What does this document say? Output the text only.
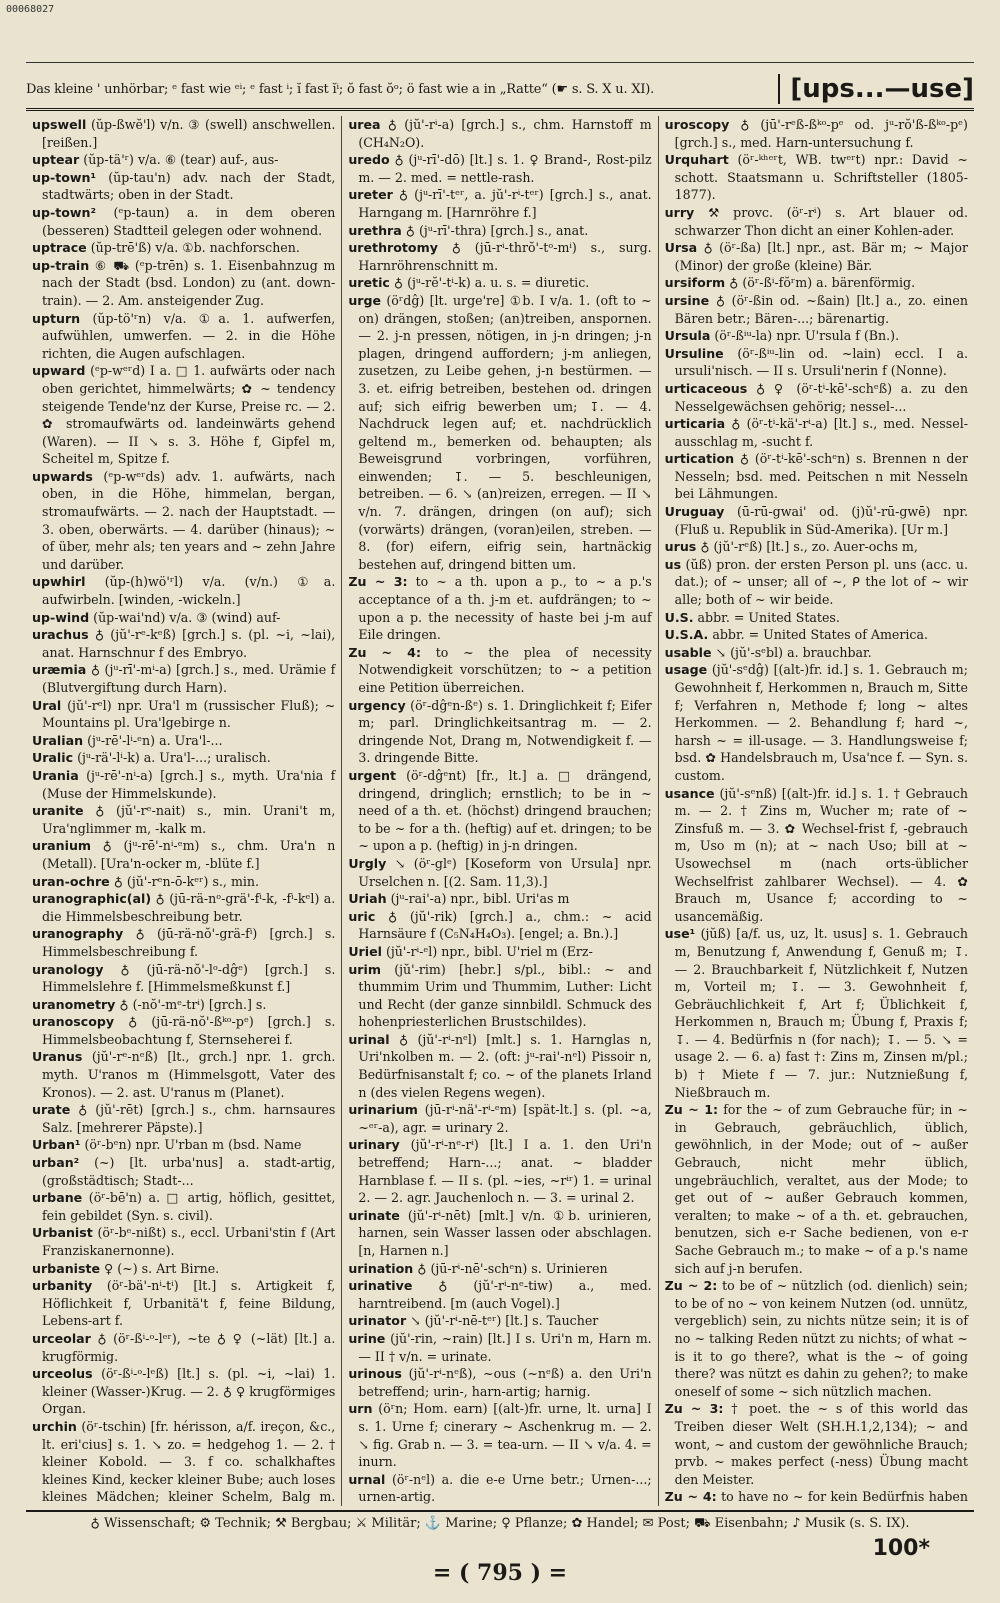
00068027
Das kleine ' unhörbar; ᵉ fast wie ᵉⁱ; ᵉ fast ⁱ; ĭ fast ĭⁱ; ŏ fast ŏᵒ; ö fast wie a in „Ratte“ (☛ s. S. X u. XI).	[ups...—use]

upswell (ŭp-ßwĕ'l) v/n. ③ (swell) anschwellen. [reißen.]

uptear (ŭp-tä'ʳ) v/a. ⑥ (tear) auf-, aus-

up-town¹ (ŭp-tau'n) adv. nach der Stadt, stadtwärts; oben in der Stadt.

up-town² (ᵉp-taun) a. in dem oberen (besseren) Stadtteil gelegen oder wohnend.

uptrace (ŭp-trē'ß) v/a. ①b. nachforschen.

up-train ⑥ ⛟ (ᵉp-trēn) s. 1. Eisenbahnzug m nach der Stadt (bsd. London) zu (ant. down-train). — 2. Am. ansteigender Zug.

upturn (ŭp-tö'ʳn) v/a. ①a. 1. aufwerfen, aufwühlen, umwerfen. — 2. in die Höhe richten, die Augen aufschlagen.

upward (ᵉp-wᵉʳd) I a. □ 1. aufwärts oder nach oben gerichtet, himmelwärts; ✿ ~ tendency steigende Tende'nz der Kurse, Preise rc. — 2. ✿ stromaufwärts od. landeinwärts gehend (Waren). — II ↘ s. 3. Höhe f, Gipfel m, Scheitel m, Spitze f.

upwards (ᵉp-wᵉʳds) adv. 1. aufwärts, nach oben, in die Höhe, himmelan, bergan, stromaufwärts. — 2. nach der Hauptstadt. — 3. oben, oberwärts. — 4. darüber (hinaus); ~ of über, mehr als; ten years and ~ zehn Jahre und darüber.

upwhirl (ŭp-(h)wö'ʳl) v/a. (v/n.) ①a. aufwirbeln. [winden, -wickeln.]

up-wind (ŭp-wai'nd) v/a. ③ (wind) auf-

urachus ♁ (jŭ'-rᵉ-kᵉß) [grch.] s. (pl. ~i, ~lai), anat. Harnschnur f des Embryo.

uræmia ♁ (jᵘ-rī'-mⁱ-a) [grch.] s., med. Urämie f (Blutvergiftung durch Harn).

Ural (jŭ'-rᵉl) npr. Ura'l m (russischer Fluß); ~ Mountains pl. Ura'lgebirge n.

Uralian (jᵘ-rē'-lⁱ-ᵉn) a. Ura'l-...

Uralic (jᵘ-rä'-lⁱ-k) a. Ura'l-...; uralisch.

Urania (jᵘ-rē'-nⁱ-a) [grch.] s., myth. Ura'nia f (Muse der Himmelskunde).

uranite ♁ (jŭ'-rᵉ-nait) s., min. Urani't m, Ura'nglimmer m, -kalk m.

uranium ♁ (jᵘ-rē'-nⁱ-ᵉm) s., chm. Ura'n n (Metall). [Ura'n-ocker m, -blüte f.]

uran-ochre ♁ (jŭ'-rᵉn-ō-kᵉʳ) s., min.

uranographic(al) ♁ (jū-rä-nᵒ-grä'-fⁱ-k, -fⁱ-kᵉl) a. die Himmelsbeschreibung betr.

uranography ♁ (jū-rä-nŏ'-grä-fⁱ) [grch.] s. Himmelsbeschreibung f.

uranology ♁ (jū-rä-nŏ'-lᵒ-dĝᵉ) [grch.] s. Himmelslehre f. [Himmelsmeßkunst f.]

uranometry ♁ (-nŏ'-mᵉ-trⁱ) [grch.] s.

uranoscopy ♁ (jū-rä-nŏ'-ßᵏᵒ-pᵉ) [grch.] s. Himmelsbeobachtung f, Sternseherei f.

Uranus (jŭ'-rᵉ-nᵉß) [lt., grch.] npr. 1. grch. myth. U'ranos m (Himmelsgott, Vater des Kronos). — 2. ast. U'ranus m (Planet).

urate ♁ (jŭ'-rēt) [grch.] s., chm. harnsaures Salz. [mehrerer Päpste).]

Urban¹ (öʳ-bᵉn) npr. U'rban m (bsd. Name

urban² (~) [lt. urba'nus] a. stadt-artig, (großstädtisch; Stadt-...

urbane (öʳ-bē'n) a. □ artig, höflich, gesittet, fein gebildet (Syn. s. civil).

Urbanist (öʳ-bᵉ-nißt) s., eccl. Urbani'stin f (Art Franziskanernonne).

urbaniste ♀ (~) s. Art Birne.

urbanity (öʳ-bä'-nⁱ-tⁱ) [lt.] s. Artigkeit f, Höflichkeit f, Urbanitä't f, feine Bildung, Lebens-art f.

urceolar ♁ (öʳ-ßⁱ-ᵒ-lᵉʳ), ~te ♁ ♀ (~lät) [lt.] a. krugförmig.

urceolus (öʳ-ßⁱ-ᵒ-lᵉß) [lt.] s. (pl. ~i, ~lai) 1. kleiner (Wasser-)Krug. — 2. ♁ ♀ krugförmiges Organ.

urchin (öʳ-tschin) [fr. hérisson, a/f. ireçon, &c., lt. eri'cius] s. 1. ↘ zo. = hedgehog 1. — 2. † kleiner Kobold. — 3. f co. schalkhaftes kleines Kind, kecker kleiner Bube; auch loses kleines Mädchen; kleiner Schelm, Balg m.

urea ♁ (jŭ'-rⁱ-a) [grch.] s., chm. Harnstoff m (CH₄N₂O).

uredo ♁ (jᵘ-rī'-dō) [lt.] s. 1. ♀ Brand-, Rost-pilz m. — 2. med. = nettle-rash.

ureter ♁ (jᵘ-rī'-tᵉʳ, a. jŭ'-rⁱ-tᵉʳ) [grch.] s., anat. Harngang m. [Harnröhre f.]

urethra ♁ (jᵘ-rī'-thra) [grch.] s., anat.

urethrotomy ♁ (jū-rⁱ-thrŏ'-tᵒ-mⁱ) s., surg. Harnröhrenschnitt m.

uretic ♁ (jᵘ-rĕ'-tⁱ-k) a. u. s. = diuretic.

urge (öʳdĝ) [lt. urge're] ①b. I v/a. 1. (oft to ~ on) drängen, stoßen; (an)treiben, anspornen. — 2. j-n pressen, nötigen, in j-n dringen; j-n plagen, dringend auffordern; j-m anliegen, zusetzen, zu Leibe gehen, j-n bestürmen. — 3. et. eifrig betreiben, bestehen od. dringen auf; sich eifrig bewerben um; ↧. — 4. Nachdruck legen auf; et. nachdrücklich geltend m., bemerken od. behaupten; als Beweisgrund vorbringen, vorführen, einwenden; ↧. — 5. beschleunigen, betreiben. — 6. ↘ (an)reizen, erregen. — II ↘ v/n. 7. drängen, dringen (on auf); sich (vorwärts) drängen, (voran)eilen, streben. — 8. (for) eifern, eifrig sein, hartnäckig bestehen auf, dringend bitten um.

Zu ~ 3: to ~ a th. upon a p., to ~ a p.'s acceptance of a th. j-m et. aufdrängen; to ~ upon a p. the necessity of haste bei j-m auf Eile dringen.

Zu ~ 4: to ~ the plea of necessity Notwendigkeit vorschützen; to ~ a petition eine Petition überreichen.

urgency (öʳ-dĝᵉn-ßᵉ) s. 1. Dringlichkeit f; Eifer m; parl. Dringlichkeitsantrag m. — 2. dringende Not, Drang m, Notwendigkeit f. — 3. dringende Bitte.

urgent (öʳ-dĝᵉnt) [fr., lt.] a. □ drängend, dringend, dringlich; ernstlich; to be in ~ need of a th. et. (höchst) dringend brauchen; to be ~ for a th. (heftig) auf et. dringen; to be ~ upon a p. (heftig) in j-n dringen.

Urgly ↘ (öʳ-glᵉ) [Koseform von Ursula] npr. Urselchen n. [(2. Sam. 11,3).]

Uriah (jᵘ-rai'-a) npr., bibl. Uri'as m

uric ♁ (jŭ'-rik) [grch.] a., chm.: ~ acid Harnsäure f (C₅N₄H₄O₃). [engel; a. Bn.).]

Uriel (jŭ'-rⁱ-ᵉl) npr., bibl. U'riel m (Erz-

urim (jŭ'-rim) [hebr.] s/pl., bibl.: ~ and thummim Urim und Thummim, Luther: Licht und Recht (der ganze sinnbildl. Schmuck des hohenpriesterlichen Brustschildes).

urinal ♁ (jŭ'-rⁱ-nᵉl) [mlt.] s. 1. Harnglas n, Uri'nkolben m. — 2. (oft: jᵘ-rai'-nᵉl) Pissoir n, Bedürfnisanstalt f; co. ~ of the planets Irland n (des vielen Regens wegen).

urinarium (jū-rⁱ-nä'-rⁱ-ᵉm) [spät-lt.] s. (pl. ~a, ~ᵉʳ-a), agr. = urinary 2.

urinary (jŭ'-rⁱ-nᵉ-rⁱ) [lt.] I a. 1. den Uri'n betreffend; Harn-...; anat. ~ bladder Harnblase f. — II s. (pl. ~ies, ~rⁱʳ) 1. = urinal 2. — 2. agr. Jauchenloch n. — 3. = urinal 2.

urinate (jŭ'-rⁱ-nēt) [mlt.] v/n. ①b. urinieren, harnen, sein Wasser lassen oder abschlagen. [n, Harnen n.]

urination ♁ (jū-rⁱ-nē'-schᵉn) s. Urinieren

urinative ♁ (jŭ'-rⁱ-nᵉ-tiw) a., med. harntreibend. [m (auch Vogel).]

urinator ↘ (jŭ'-rⁱ-nē-tᵉʳ) [lt.] s. Taucher

urine (jŭ'-rin, ~rain) [lt.] I s. Uri'n m, Harn m. — II † v/n. = urinate.

urinous (jŭ'-rⁱ-nᵉß), ~ous (~nᵉß) a. den Uri'n betreffend; urin-, harn-artig; harnig.

urn (öʳn; Hom. earn) [(alt-)fr. urne, lt. urna] I s. 1. Urne f; cinerary ~ Aschenkrug m. — 2. ↘ fig. Grab n. — 3. = tea-urn. — II ↘ v/a. 4. = inurn.

urnal (öʳ-nᵉl) a. die e-e Urne betr.; Urnen-...; urnen-artig.

uroscopy ♁ (jū'-rᵉß-ßᵏᵒ-pᵉ od. jᵘ-rŏ'ß-ßᵏᵒ-pᵉ) [grch.] s., med. Harn-untersuchung f.

Urquhart (öʳ-ᵏʰᵉʳt, WB. twᵉʳt) npr.: David ~ schott. Staatsmann u. Schriftsteller (1805-1877).

urry ⚒ provc. (öʳ-rⁱ) s. Art blauer od. schwarzer Thon dicht an einer Kohlen-ader.

Ursa ♁ (öʳ-ßa) [lt.] npr., ast. Bär m; ~ Major (Minor) der große (kleine) Bär.

ursiform ♁ (öʳ-ßⁱ-fŏʳm) a. bärenförmig.

ursine ♁ (öʳ-ßin od. ~ßain) [lt.] a., zo. einen Bären betr.; Bären-...; bärenartig.

Ursula (öʳ-ßⁱᵘ-la) npr. U'rsula f (Bn.).

Ursuline (öʳ-ßⁱᵘ-lin od. ~lain) eccl. I a. ursuli'nisch. — II s. Ursuli'nerin f (Nonne).

urticaceous ♁ ♀ (öʳ-tⁱ-kē'-schᵉß) a. zu den Nesselgewächsen gehörig; nessel-...

urticaria ♁ (öʳ-tⁱ-kä'-rⁱ-a) [lt.] s., med. Nessel-ausschlag m, -sucht f.

urtication ♁ (öʳ-tⁱ-kē'-schᵉn) s. Brennen n der Nesseln; bsd. med. Peitschen n mit Nesseln bei Lähmungen.

Uruguay (ū-rū-gwai' od. (j)ŭ'-rū-gwē) npr. (Fluß u. Republik in Süd-Amerika). [Ur m.]

urus ♁ (jŭ'-rᵉß) [lt.] s., zo. Auer-ochs m,

us (ŭß) pron. der ersten Person pl. uns (acc. u. dat.); of ~ unser; all of ~, ᑭ the lot of ~ wir alle; both of ~ wir beide.

U.S. abbr. = United States.

U.S.A. abbr. = United States of America.

usable ↘ (jŭ'-sᵉbl) a. brauchbar.

usage (jŭ'-sᵉdĝ) [(alt-)fr. id.] s. 1. Gebrauch m; Gewohnheit f, Herkommen n, Brauch m, Sitte f; Verfahren n, Methode f; long ~ altes Herkommen. — 2. Behandlung f; hard ~, harsh ~ = ill-usage. — 3. Handlungsweise f; bsd. ✿ Handelsbrauch m, Usa'nce f. — Syn. s. custom.

usance (jŭ'-sᵉnß) [(alt-)fr. id.] s. 1. † Gebrauch m. — 2. † Zins m, Wucher m; rate of ~ Zinsfuß m. — 3. ✿ Wechsel-frist f, -gebrauch m, Uso m (n); at ~ nach Uso; bill at ~ Usowechsel m (nach orts-üblicher Wechselfrist zahlbarer Wechsel). — 4. ✿ Brauch m, Usance f; according to ~ usancemäßig.

use¹ (jŭß) [a/f. us, uz, lt. usus] s. 1. Gebrauch m, Benutzung f, Anwendung f, Genuß m; ↧. — 2. Brauchbarkeit f, Nützlichkeit f, Nutzen m, Vorteil m; ↧. — 3. Gewohnheit f, Gebräuchlichkeit f, Art f; Üblichkeit f, Herkommen n, Brauch m; Übung f, Praxis f; ↧. — 4. Bedürfnis n (for nach); ↧. — 5. ↘ = usage 2. — 6. a) fast †: Zins m, Zinsen m/pl.; b) † Miete f — 7. jur.: Nutznießung f, Nießbrauch m.

Zu ~ 1: for the ~ of zum Gebrauche für; in ~ in Gebrauch, gebräuchlich, üblich, gewöhnlich, in der Mode; out of ~ außer Gebrauch, nicht mehr üblich, ungebräuchlich, veraltet, aus der Mode; to get out of ~ außer Gebrauch kommen, veralten; to make ~ of a th. et. gebrauchen, benutzen, sich e-r Sache bedienen, von e-r Sache Gebrauch m.; to make ~ of a p.'s name sich auf j-n berufen.

Zu ~ 2: to be of ~ nützlich (od. dienlich) sein; to be of no ~ von keinem Nutzen (od. unnütz, vergeblich) sein, zu nichts nütze sein; it is of no ~ talking Reden nützt zu nichts; of what ~ is it to go there?, what is the ~ of going there? was nützt es dahin zu gehen?; to make oneself of some ~ sich nützlich machen.

Zu ~ 3: † poet. the ~ s of this world das Treiben dieser Welt (SH.H.1,2,134); ~ and wont, ~ and custom der gewöhnliche Brauch; prvb. ~ makes perfect (-ness) Übung macht den Meister.

Zu ~ 4: to have no ~ for kein Bedürfnis haben

♁ Wissenschaft; ⚙ Technik; ⚒ Bergbau; ⚔ Militär; ⚓ Marine; ♀ Pflanze; ✿ Handel; ✉ Post; ⛟ Eisenbahn; ♪ Musik (s. S. IX).
= ( 795 ) =
100*
